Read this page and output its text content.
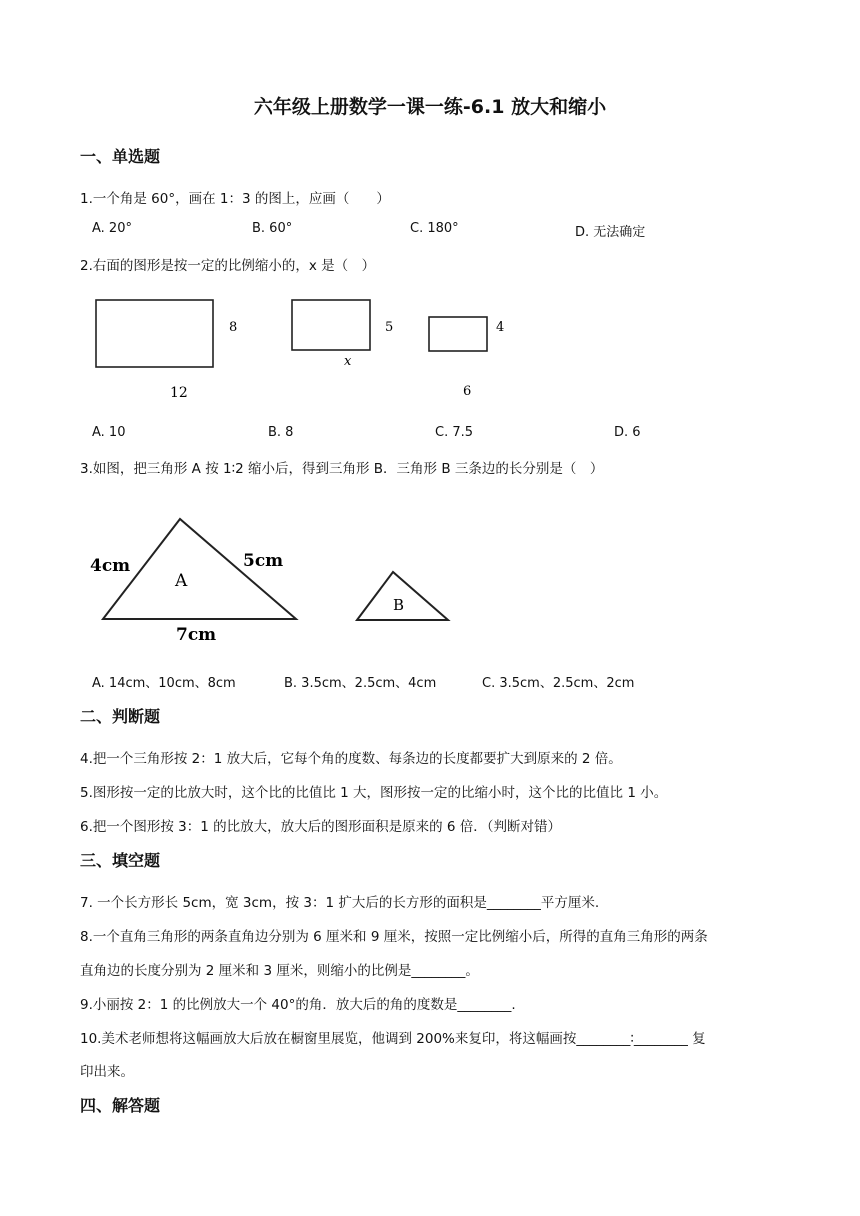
六年级上册数学一课一练-6.1 放大和缩小
一、单选题
1.一个角是 60°，画在 1：3 的图上，应画（　　）
A. 20°	B. 60°	C. 180°	D. 无法确定
2.右面的图形是按一定的比例缩小的，x 是（　）
8
12
5
x
4
6
A. 10	B. 8	C. 7.5	D. 6
3.如图，把三角形 A 按 1∶2 缩小后，得到三角形 B．三角形 B 三条边的长分别是（　）
4cm	5cm
7cm
A
B
A. 14cm、10cm、8cm	B. 3.5cm、2.5cm、4cm	C. 3.5cm、2.5cm、2cm
二、判断题
4.把一个三角形按 2：1 放大后，它每个角的度数、每条边的长度都要扩大到原来的 2 倍。
5.图形按一定的比放大时，这个比的比值比 1 大，图形按一定的比缩小时，这个比的比值比 1 小。
6.把一个图形按 3：1 的比放大，放大后的图形面积是原来的 6 倍．（判断对错）
三、填空题
7. 一个长方形长 5cm，宽 3cm，按 3：1 扩大后的长方形的面积是________平方厘米.
8.一个直角三角形的两条直角边分别为 6 厘米和 9 厘米，按照一定比例缩小后，所得的直角三角形的两条
直角边的长度分别为 2 厘米和 3 厘米，则缩小的比例是________。
9.小丽按 2：1 的比例放大一个 40°的角．放大后的角的度数是________.
10.美术老师想将这幅画放大后放在橱窗里展览，他调到 200%来复印，将这幅画按________∶________ 复
印出来。
四、解答题
